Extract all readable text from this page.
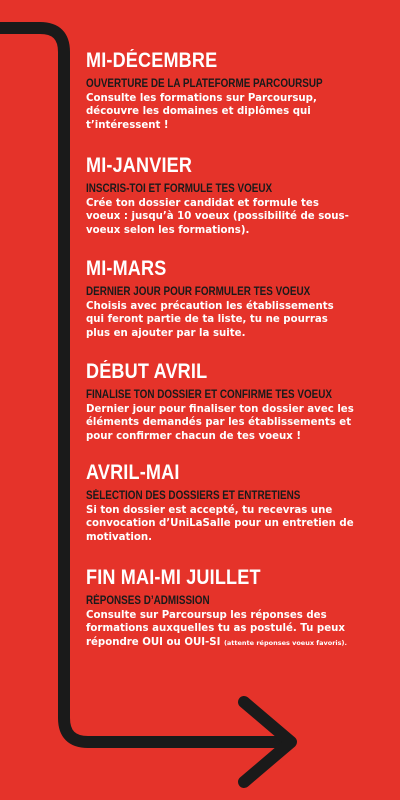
MI-DÉCEMBRE
OUVERTURE DE LA PLATEFORME PARCOURSUP
Consulte les formations sur Parcoursup, découvre les domaines et diplômes qui t’intéressent !
MI-JANVIER
INSCRIS-TOI ET FORMULE TES VOEUX
Crée ton dossier candidat et formule tes voeux : jusqu’à 10 voeux (possibilité de sous-voeux selon les formations).
MI-MARS
DERNIER JOUR POUR FORMULER TES VOEUX
Choisis avec précaution les établissements qui feront partie de ta liste, tu ne pourras plus en ajouter par la suite.
DÉBUT AVRIL
FINALISE TON DOSSIER ET CONFIRME TES VOEUX
Dernier jour pour finaliser ton dossier avec les éléments demandés par les établissements et pour confirmer chacun de tes voeux !
AVRIL-MAI
SÉLECTION DES DOSSIERS ET ENTRETIENS
Si ton dossier est accepté, tu recevras une convocation d’UniLaSalle pour un entretien de motivation.
FIN MAI-MI JUILLET
RÉPONSES D’ADMISSION
Consulte sur Parcoursup les réponses des formations auxquelles tu as postulé. Tu peux répondre OUI ou OUI-SI (attente réponses voeux favoris).
